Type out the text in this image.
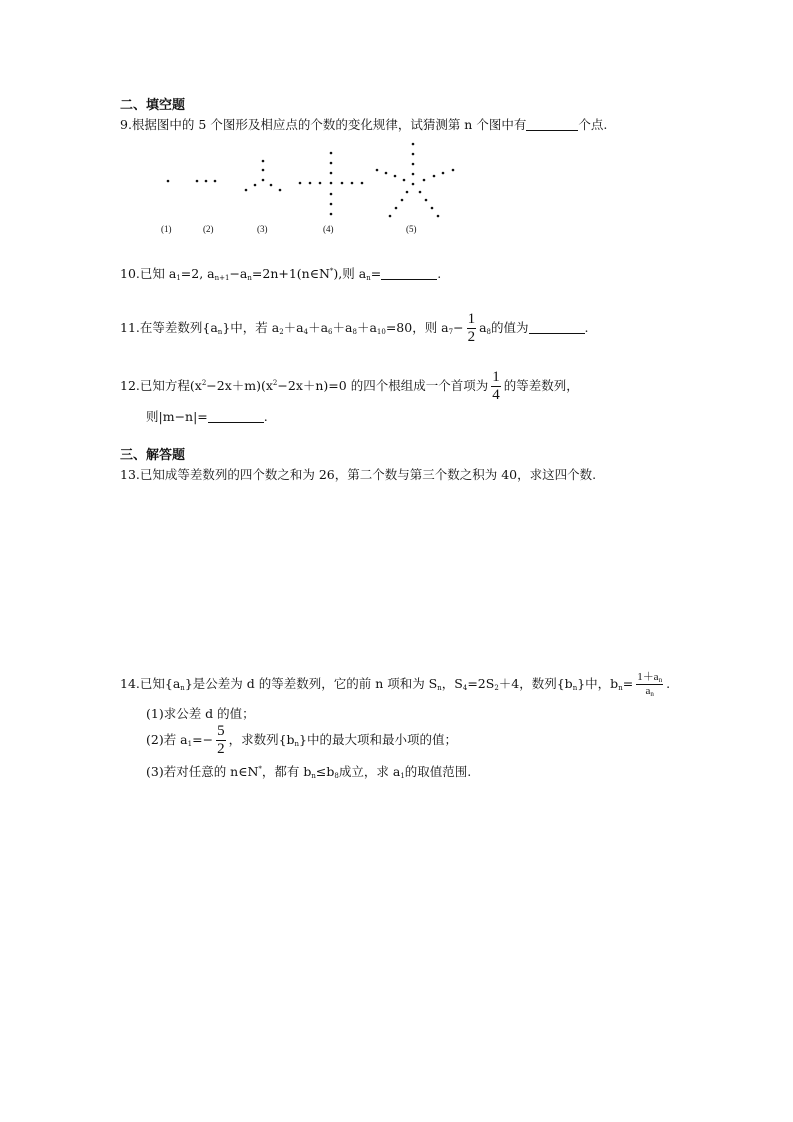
二、填空题
9.根据图中的 5 个图形及相应点的个数的变化规律，试猜测第 n 个图中有	个点.
(1)	(2)	(3)	(4)	(5)
10.已知 $a_1=2$, $a_{n+1}-a_n=2n+1(n\in N^*)$,则 $a_n=$	.
11.在等差数列$\{a_n\}$中，若 $a_2+a_4+a_6+a_8+a_{10}=80$，则 $a_7- \frac{1}{2} a_8$的值为	.
12.已知方程$(x^2-2x+m)(x^2-2x+n)=0$ 的四个根组成一个首项为 $\frac{1}{4}$ 的等差数列，
则|m−n|=	.
三、解答题
13.已知成等差数列的四个数之和为 26，第二个数与第三个数之积为 40，求这四个数.
14.已知$\{a_n\}$是公差为 d 的等差数列，它的前 n 项和为 $S_n$，$S_4=2S_2+4$，数列$\{b_n\}$中，$b_n= \frac{1+a_n}{a_n}$ .
(1)求公差 d 的值；
(2)若 $a_1=- \frac{5}{2}$ ，求数列$\{b_n\}$中的最大项和最小项的值；
(3)若对任意的 n∈N*，都有 $b_n\le b_8$成立，求 $a_1$的取值范围.
